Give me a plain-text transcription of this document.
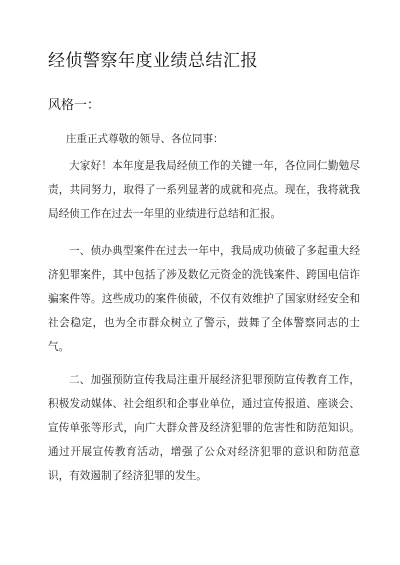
经侦警察年度业绩总结汇报
风格一：
庄重正式尊敬的领导、各位同事：

大家好！本年度是我局经侦工作的关键一年，各位同仁勤勉尽责，共同努力，取得了一系列显著的成就和亮点。现在，我将就我局经侦工作在过去一年里的业绩进行总结和汇报。

一、侦办典型案件在过去一年中，我局成功侦破了多起重大经济犯罪案件，其中包括了涉及数亿元资金的洗钱案件、跨国电信诈骗案件等。这些成功的案件侦破，不仅有效维护了国家财经安全和社会稳定，也为全市群众树立了警示，鼓舞了全体警察同志的士气。

二、加强预防宣传我局注重开展经济犯罪预防宣传教育工作，积极发动媒体、社会组织和企事业单位，通过宣传报道、座谈会、宣传单张等形式，向广大群众普及经济犯罪的危害性和防范知识。通过开展宣传教育活动，增强了公众对经济犯罪的意识和防范意识，有效遏制了经济犯罪的发生。
